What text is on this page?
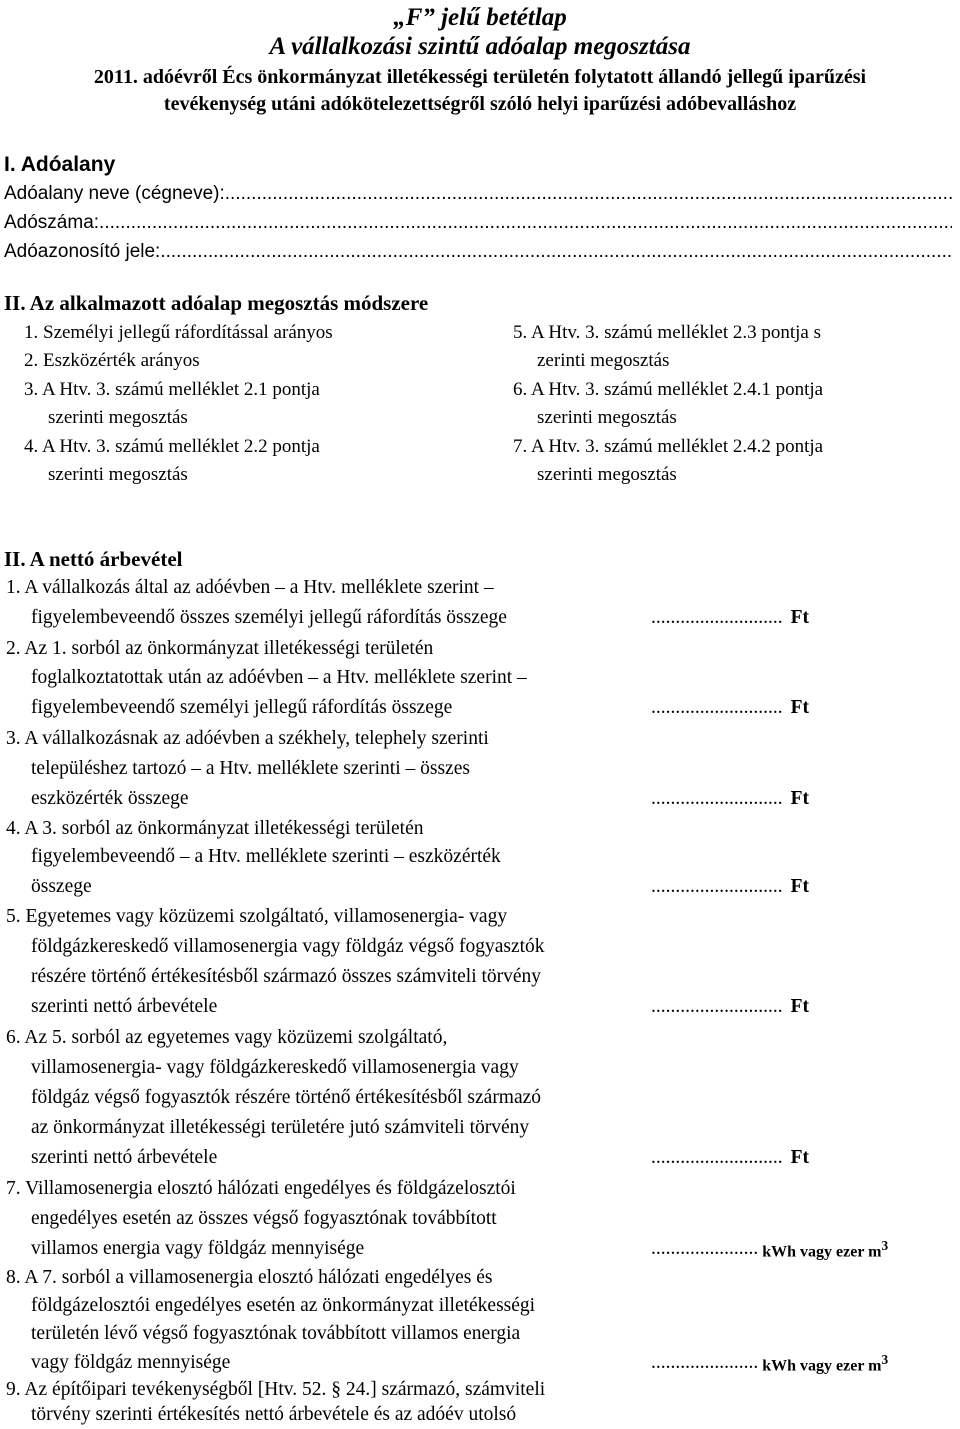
„F” jelű betétlap
A vállalkozási szintű adóalap megosztása
2011. adóévről Écs önkormányzat illetékességi területén folytatott állandó jellegű iparűzési
tevékenység utáni adókötelezettségről szóló helyi iparűzési adóbevalláshoz
I. Adóalany
Adóalany neve (cégneve):
.....
Adószáma:
.....
Adóazonosító jele:
.....
II. Az alkalmazott adóalap megosztás módszere
1. Személyi jellegű ráfordítással arányos
2. Eszközérték arányos
3. A Htv. 3. számú melléklet 2.1 pontja
szerinti megosztás
4. A Htv. 3. számú melléklet 2.2 pontja
szerinti megosztás
5. A Htv. 3. számú melléklet 2.3 pontja s
zerinti megosztás
6. A Htv. 3. számú melléklet 2.4.1 pontja
szerinti megosztás
7. A Htv. 3. számú melléklet 2.4.2 pontja
szerinti megosztás
II. A nettó árbevétel
1. A vállalkozás által az adóévben – a Htv. melléklete szerint –
figyelembeveendő összes személyi jellegű ráfordítás összege	........................... Ft
2. Az 1. sorból az önkormányzat illetékességi területén
foglalkoztatottak után az adóévben – a Htv. melléklete szerint –
figyelembeveendő személyi jellegű ráfordítás összege	........................... Ft
3. A vállalkozásnak az adóévben a székhely, telephely szerinti
településhez tartozó – a Htv. melléklete szerinti – összes
eszközérték összege	........................... Ft
4. A 3. sorból az önkormányzat illetékességi területén
figyelembeveendő – a Htv. melléklete szerinti – eszközérték
összege	........................... Ft
5. Egyetemes vagy közüzemi szolgáltató, villamosenergia- vagy
földgázkereskedő villamosenergia vagy földgáz végső fogyasztók
részére történő értékesítésből származó összes számviteli törvény
szerinti nettó árbevétele	........................... Ft
6. Az 5. sorból az egyetemes vagy közüzemi szolgáltató,
villamosenergia- vagy földgázkereskedő villamosenergia vagy
földgáz végső fogyasztók részére történő értékesítésből származó
az önkormányzat illetékességi területére jutó számviteli törvény
szerinti nettó árbevétele	........................... Ft
7. Villamosenergia elosztó hálózati engedélyes és földgázelosztói
engedélyes esetén az összes végső fogyasztónak továbbított
villamos energia vagy földgáz mennyisége	...................... kWh vagy ezer $m^3$
8. A 7. sorból a villamosenergia elosztó hálózati engedélyes és
földgázelosztói engedélyes esetén az önkormányzat illetékességi
területén lévő végső fogyasztónak továbbított villamos energia
vagy földgáz mennyisége	...................... kWh vagy ezer $m^3$
9. Az építőipari tevékenységből [Htv. 52. § 24.] származó, számviteli
törvény szerinti értékesítés nettó árbevétele és az adóév utolsó
